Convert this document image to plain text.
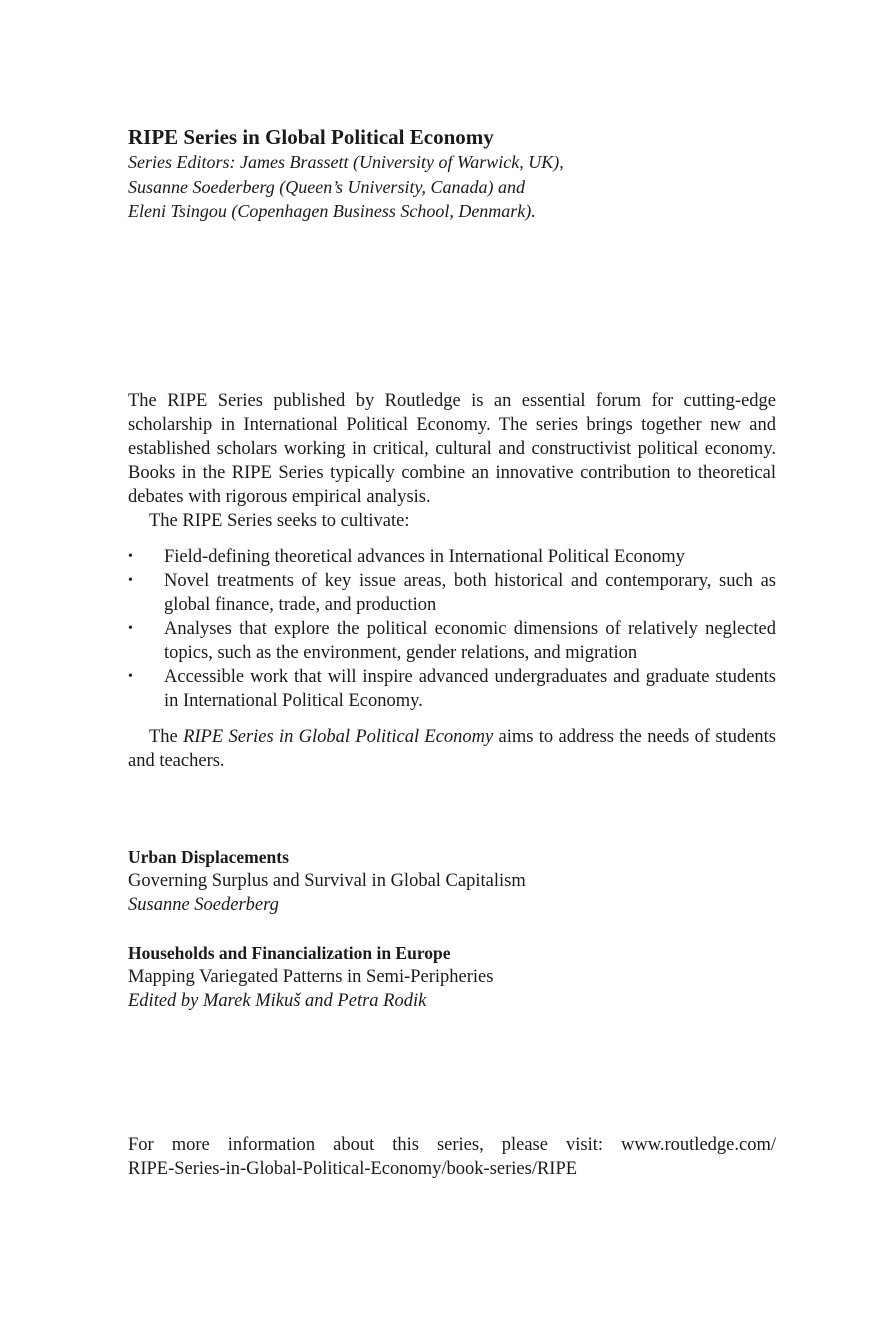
RIPE Series in Global Political Economy
Series Editors: James Brassett (University of Warwick, UK),
Susanne Soederberg (Queen’s University, Canada) and
Eleni Tsingou (Copenhagen Business School, Denmark).

The RIPE Series published by Routledge is an essential forum for cutting-edge scholarship in International Political Economy. The series brings together new and established scholars working in critical, cultural and constructivist political economy. Books in the RIPE Series typically combine an innovative contribution to theoretical debates with rigorous empirical analysis.

The RIPE Series seeks to cultivate:

• Field-defining theoretical advances in International Political Economy
• Novel treatments of key issue areas, both historical and contemporary, such as global finance, trade, and production
• Analyses that explore the political economic dimensions of relatively neglected topics, such as the environment, gender relations, and migration
• Accessible work that will inspire advanced undergraduates and graduate students in International Political Economy.

The RIPE Series in Global Political Economy aims to address the needs of students and teachers.

Urban Displacements
Governing Surplus and Survival in Global Capitalism
Susanne Soederberg
Households and Financialization in Europe
Mapping Variegated Patterns in Semi-Peripheries
Edited by Marek Mikuš and Petra Rodik
For more information about this series, please visit: www.routledge.com/
RIPE-Series-in-Global-Political-Economy/book-series/RIPE
